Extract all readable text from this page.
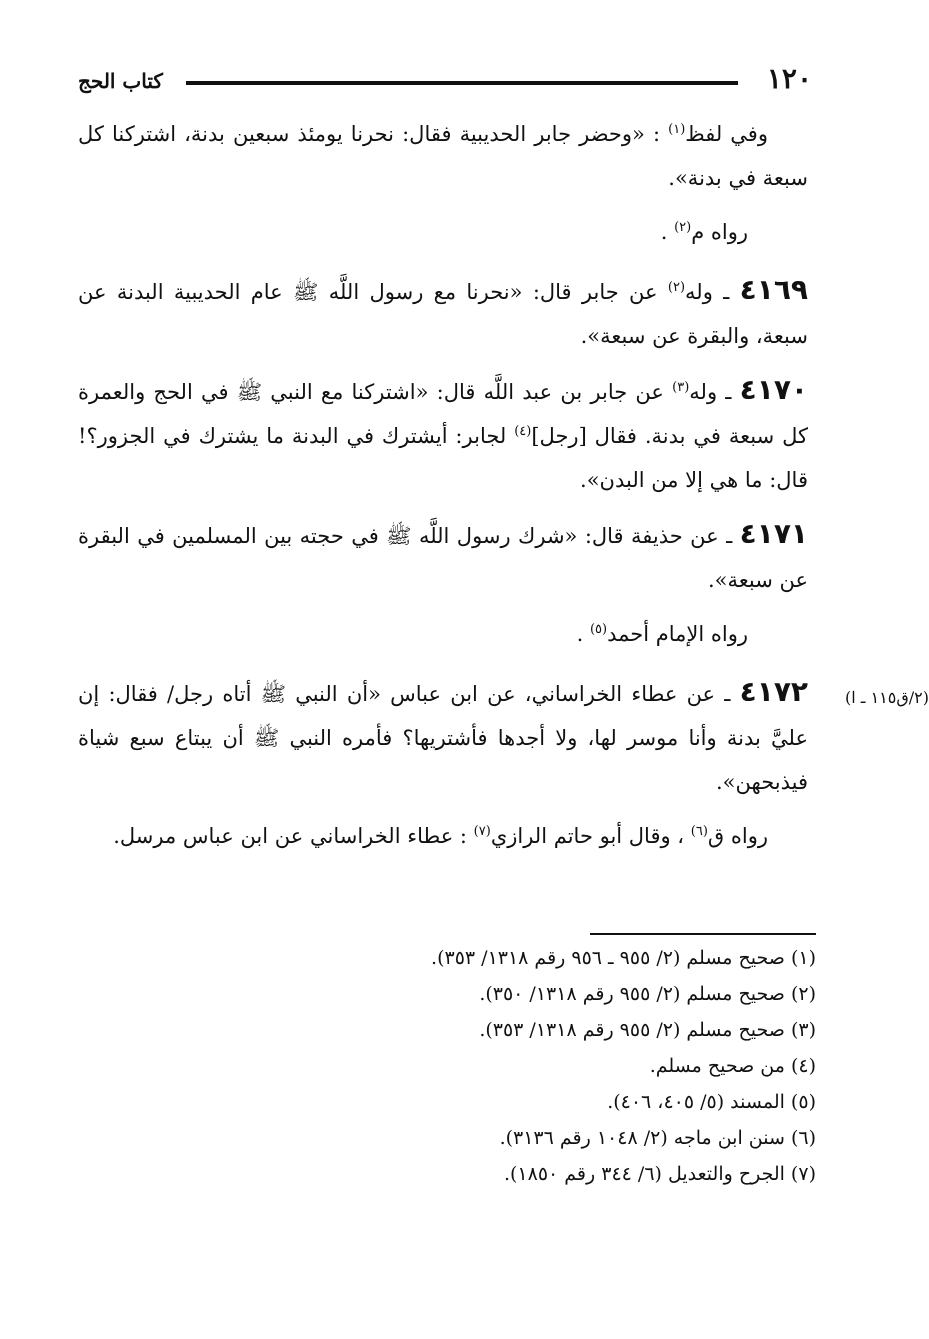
١٢٠
كتاب الحج

وفي لفظ$^{(١)}$ : «وحضر جابر الحديبية فقال: نحرنا يومئذ سبعين بدنة، اشتركنا كل سبعة في بدنة».

رواه م$^{(٢)}$ .

٤١٦٩ ـ وله$^{(٢)}$ عن جابر قال: «نحرنا مع رسول اللَّه ﷺ عام الحديبية البدنة عن سبعة، والبقرة عن سبعة».

٤١٧٠ ـ وله$^{(٣)}$ عن جابر بن عبد اللَّه قال: «اشتركنا مع النبي ﷺ في الحج والعمرة كل سبعة في بدنة. فقال [رجل]$^{(٤)}$ لجابر: أيشترك في البدنة ما يشترك في الجزور؟! قال: ما هي إلا من البدن».

٤١٧١ ـ عن حذيفة قال: «شرك رسول اللَّه ﷺ في حجته بين المسلمين في البقرة عن سبعة».

رواه الإمام أحمد$^{(٥)}$ .

٤١٧٢ ـ عن عطاء الخراساني، عن ابن عباس «أن النبي ﷺ أتاه رجل/ فقال: إن عليَّ بدنة وأنا موسر لها، ولا أجدها فأشتريها؟ فأمره النبي ﷺ أن يبتاع سبع شياة فيذبحهن».

رواه ق$^{(٦)}$ ، وقال أبو حاتم الرازي$^{(٧)}$ : عطاء الخراساني عن ابن عباس مرسل.

(٢/ق١١٥ ـ ا)

(١) صحيح مسلم (٢/ ٩٥٥ ـ ٩٥٦ رقم ١٣١٨/ ٣٥٣).

(٢) صحيح مسلم (٢/ ٩٥٥ رقم ١٣١٨/ ٣٥٠).

(٣) صحيح مسلم (٢/ ٩٥٥ رقم ١٣١٨/ ٣٥٣).

(٤) من صحيح مسلم.

(٥) المسند (٥/ ٤٠٥، ٤٠٦).

(٦) سنن ابن ماجه (٢/ ١٠٤٨ رقم ٣١٣٦).

(٧) الجرح والتعديل (٦/ ٣٤٤ رقم ١٨٥٠).
